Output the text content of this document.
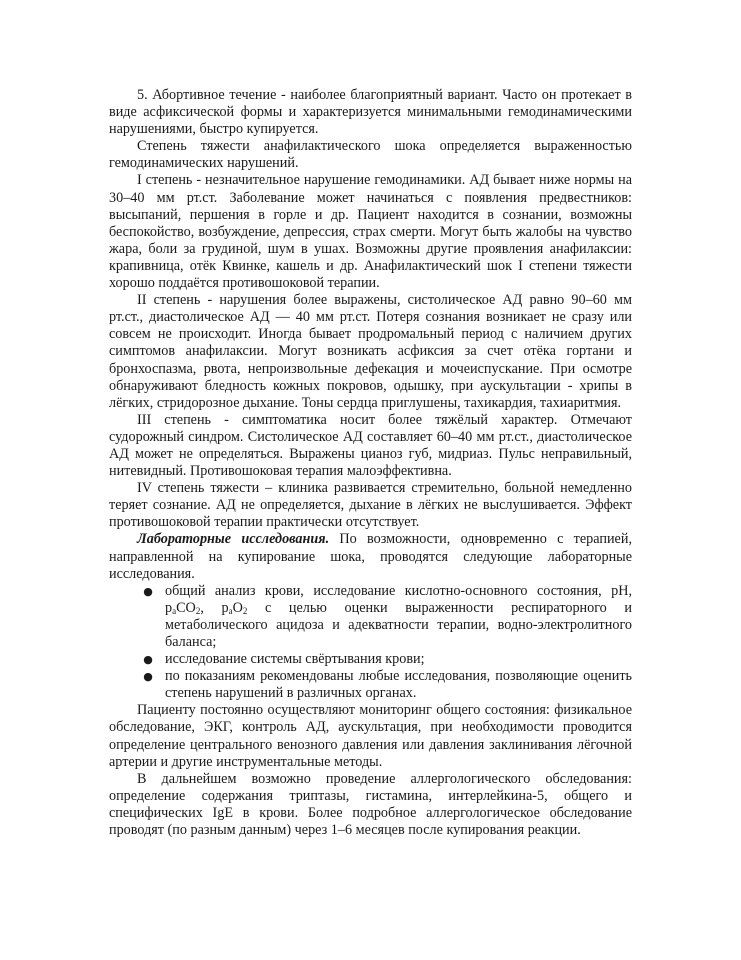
5. Абортивное течение - наиболее благоприятный вариант. Часто он протекает в виде асфиксической формы и характеризуется минимальными гемодинамическими нарушениями, быстро купируется.

Степень тяжести анафилактического шока определяется выраженностью гемодинамических нарушений.

I степень - незначительное нарушение гемодинамики. АД бывает ниже нормы на 30–40 мм рт.ст. Заболевание может начинаться с появления предвестников: высыпаний, першения в горле и др. Пациент находится в сознании, возможны беспокойство, возбуждение, депрессия, страх смерти. Могут быть жалобы на чувство жара, боли за грудиной, шум в ушах. Возможны другие проявления анафилаксии: крапивница, отёк Квинке, кашель и др. Анафилактический шок I степени тяжести хорошо поддаётся противошоковой терапии.

II степень - нарушения более выражены, систолическое АД равно 90–60 мм рт.ст., диастолическое АД — 40 мм рт.ст. Потеря сознания возникает не сразу или совсем не происходит. Иногда бывает продромальный период с наличием других симптомов анафилаксии. Могут возникать асфиксия за счет отёка гортани и бронхоспазма, рвота, непроизвольные дефекация и мочеиспускание. При осмотре обнаруживают бледность кожных покровов, одышку, при аускультации - хрипы в лёгких, стридорозное дыхание. Тоны сердца приглушены, тахикардия, тахиаритмия.

III степень - симптоматика носит более тяжёлый характер. Отмечают судорожный синдром. Систолическое АД составляет 60–40 мм рт.ст., диастолическое АД может не определяться. Выражены цианоз губ, мидриаз. Пульс неправильный, нитевидный. Противошоковая терапия малоэффективна.

IV степень тяжести – клиника развивается стремительно, больной немедленно теряет сознание. АД не определяется, дыхание в лёгких не выслушивается. Эффект противошоковой терапии практически отсутствует.

Лабораторные исследования. По возможности, одновременно с терапией, направленной на купирование шока, проводятся следующие лабораторные исследования.

● общий анализ крови, исследование кислотно-основного состояния, pH, $p_aCO_2$, $p_aO_2$ с целью оценки выраженности респираторного и метаболического ацидоза и адекватности терапии, водно-электролитного баланса;
● исследование системы свёртывания крови;
● по показаниям рекомендованы любые исследования, позволяющие оценить степень нарушений в различных органах.

Пациенту постоянно осуществляют мониторинг общего состояния: физикальное обследование, ЭКГ, контроль АД, аускультация, при необходимости проводится определение центрального венозного давления или давления заклинивания лёгочной артерии и другие инструментальные методы.

В дальнейшем возможно проведение аллергологического обследования: определение содержания триптазы, гистамина, интерлейкина-5, общего и специфических IgE в крови. Более подробное аллергологическое обследование проводят (по разным данным) через 1–6 месяцев после купирования реакции.
